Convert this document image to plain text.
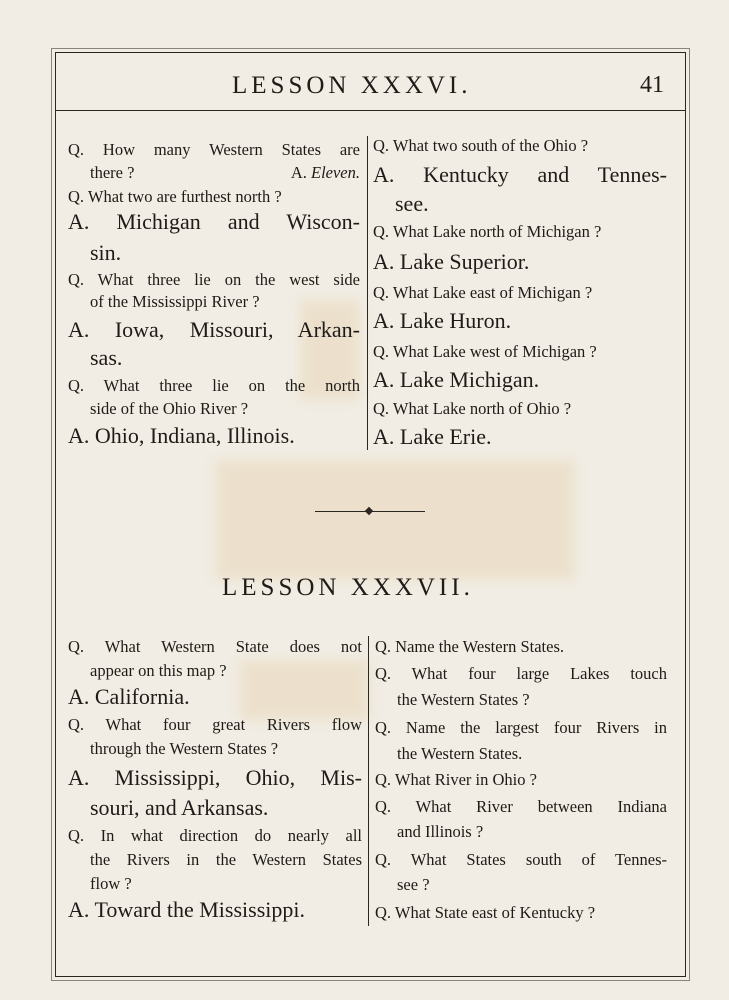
LESSON XXXVI.	41
LESSON XXXVII.
Q. How many Western States are
there ?	A. Eleven.
Q. What two are furthest north ?
A. Michigan and Wiscon-
sin.
Q. What three lie on the west side
of the Mississippi River ?
A. Iowa, Missouri, Arkan-
sas.
Q. What three lie on the north
side of the Ohio River ?
A. Ohio, Indiana, Illinois.
Q. What two south of the Ohio ?
A. Kentucky and Tennes-
see.
Q. What Lake north of Michigan ?
A. Lake Superior.
Q. What Lake east of Michigan ?
A. Lake Huron.
Q. What Lake west of Michigan ?
A. Lake Michigan.
Q. What Lake north of Ohio ?
A. Lake Erie.
Q. What Western State does not
appear on this map ?
A. California.
Q. What four great Rivers flow
through the Western States ?
A. Mississippi, Ohio, Mis-
souri, and Arkansas.
Q. In what direction do nearly all
the Rivers in the Western States
flow ?
A. Toward the Mississippi.
Q. Name the Western States.
Q. What four large Lakes touch
the Western States ?
Q. Name the largest four Rivers in
the Western States.
Q. What River in Ohio ?
Q. What River between Indiana
and Illinois ?
Q. What States south of Tennes-
see ?
Q. What State east of Kentucky ?
